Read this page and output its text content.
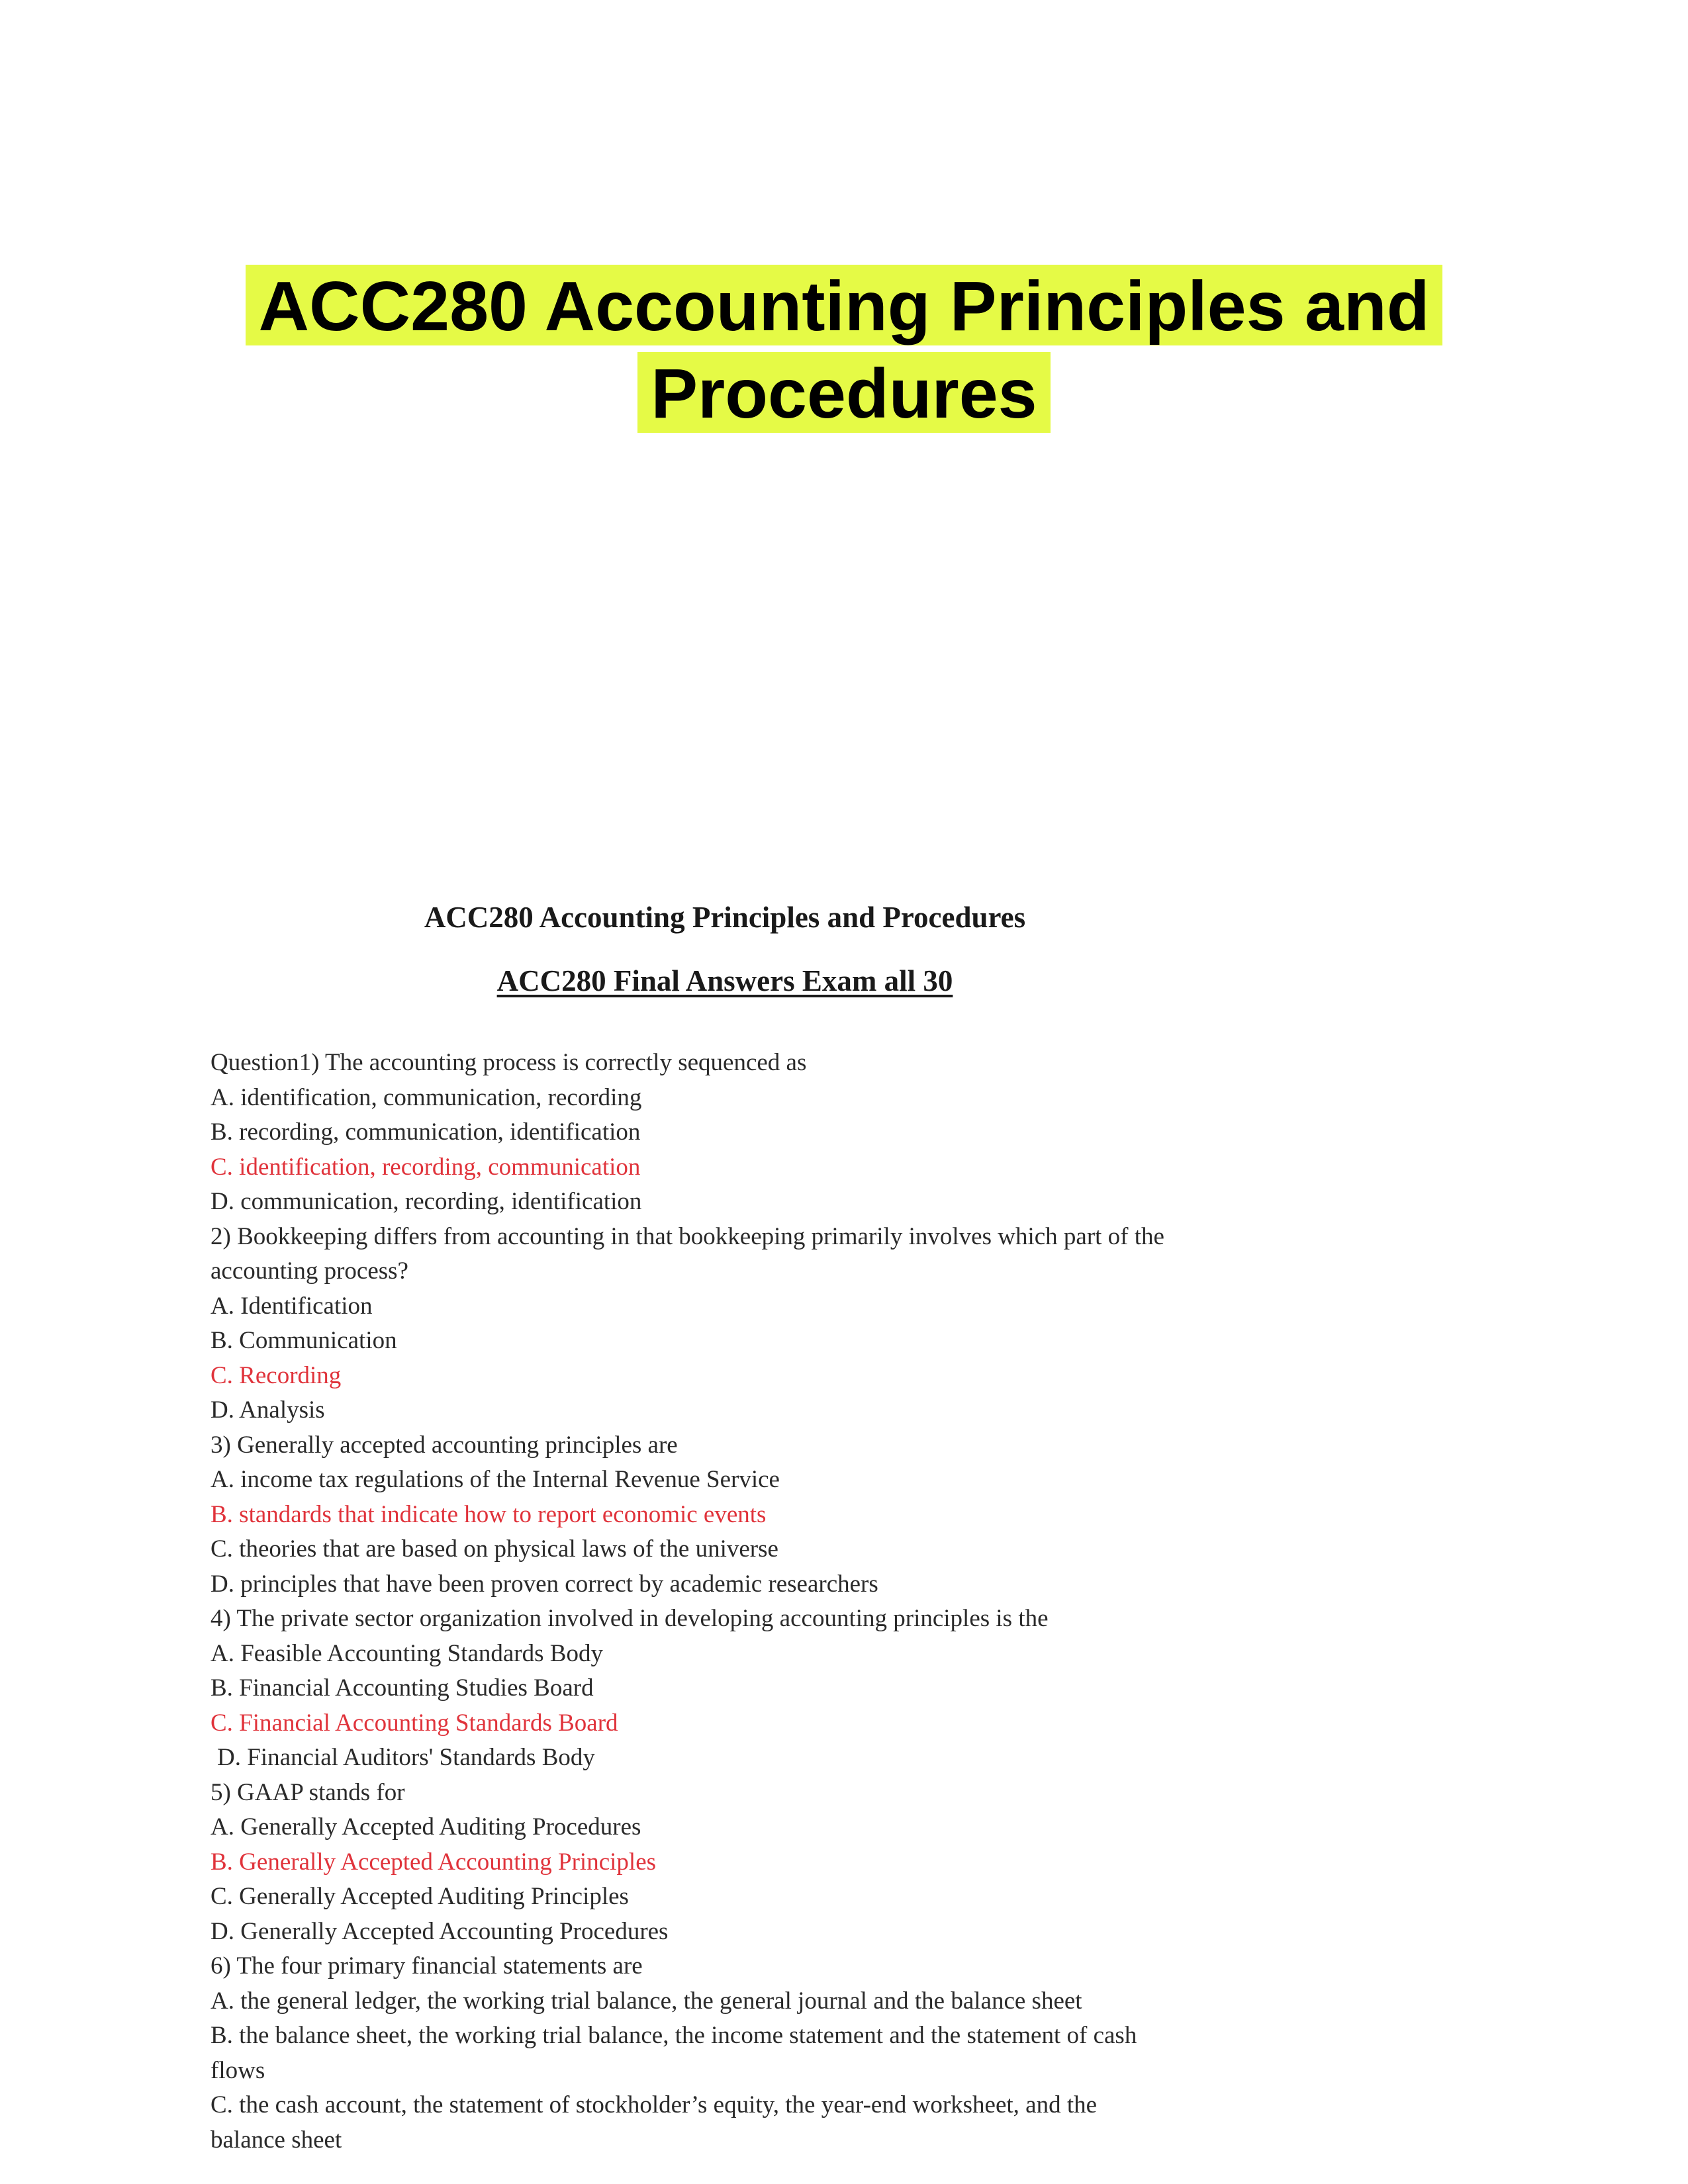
ACC280 Accounting Principles and
Procedures
ACC280 Accounting Principles and Procedures
ACC280 Final Answers Exam all 30
Question1) The accounting process is correctly sequenced as
A. identification, communication, recording
B. recording, communication, identification
C. identification, recording, communication
D. communication, recording, identification
2) Bookkeeping differs from accounting in that bookkeeping primarily involves which part of the
accounting process?
A. Identification
B. Communication
C. Recording
D. Analysis
3) Generally accepted accounting principles are
A. income tax regulations of the Internal Revenue Service
B. standards that indicate how to report economic events
C. theories that are based on physical laws of the universe
D. principles that have been proven correct by academic researchers
4) The private sector organization involved in developing accounting principles is the
A. Feasible Accounting Standards Body
B. Financial Accounting Studies Board
C. Financial Accounting Standards Board
D. Financial Auditors' Standards Body
5) GAAP stands for
A. Generally Accepted Auditing Procedures
B. Generally Accepted Accounting Principles
C. Generally Accepted Auditing Principles
D. Generally Accepted Accounting Procedures
6) The four primary financial statements are
A. the general ledger, the working trial balance, the general journal and the balance sheet
B. the balance sheet, the working trial balance, the income statement and the statement of cash
flows
C. the cash account, the statement of stockholder’s equity, the year-end worksheet, and the
balance sheet
